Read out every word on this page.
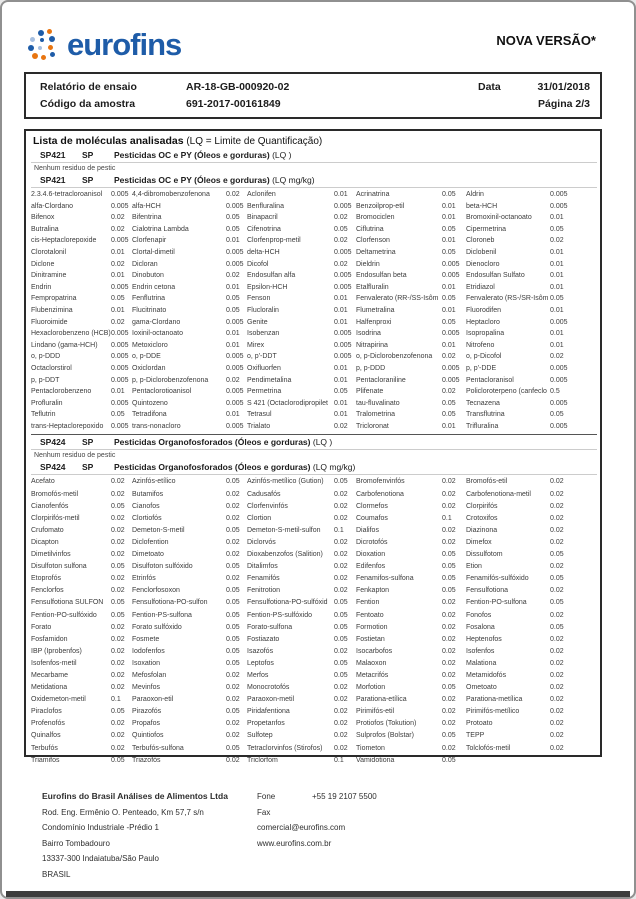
eurofins	NOVA VERSÃO*
Relatório de ensaio	AR-18-GB-000920-02	Data	31/01/2018
Código da amostra	691-2017-00161849	Página 2/3
Lista de moléculas analisadas (LQ = Limite de Quantificação)
SP421 SP Pesticidas OC e PY (Óleos e gorduras) (LQ )
Nenhum residuo de pestic
SP421 SP Pesticidas OC e PY (Óleos e gorduras) (LQ mg/kg)
2.3.4.6-tetracloroanisol	0.005 4,4-dibromobenzofenona	0.02	Aclonifen	0.01	Acrinatrina	0.05	Aldrin	0.005
alfa-Clordano	0.005 alfa-HCH	0.005 Benfluralina	0.005 Benzoilprop-etil	0.01	beta-HCH	0.005
Bifenox	0.02	Bifentrina	0.05	Binapacril	0.02	Bromociclen	0.01	Bromoxinil-octanoato	0.01
Butralina	0.02	Cialotrina Lambda	0.05	Cifenotrina	0.05	Ciflutrina	0.05	Cipermetrina	0.05
cis-Heptaclorepoxide	0.005 Clorfenapir	0.01	Clorfenprop-metil	0.02	Clorfenson	0.01	Cloroneb	0.02
Clorotalonil	0.01	Clortal-dimetil	0.005 delta-HCH	0.005 Deltametrina	0.05	Diclobenil	0.01
Diclone	0.02	Dicloran	0.005 Dicofol	0.02	Dieldrin	0.005 Dienocloro	0.01
Dinitramine	0.01	Dinobuton	0.02	Endosulfan alfa	0.005 Endosulfan beta	0.005 Endosulfan Sulfato	0.01
Endrin	0.005 Endrin cetona	0.01	Epsilon-HCH	0.005 Etalfluralin	0.01	Etridiazol	0.01
Fempropatrina	0.05	Fenflutrina	0.05	Fenson	0.01	Fenvalerato (RR-/SS-Isôm 0.05	Fenvalerato (RS-/SR-Isôm 0.05
Flubenzimina	0.01	Flucitrinato	0.05	Flucloralin	0.01	Flumetralina	0.01	Fluorodifen	0.01
Fluoroimide	0.02	gama-Clordano	0.005 Genite	0.01	Halfenproxi	0.05	Heptacloro	0.005
Hexaclorobenzeno (HCB) 0.005 Ioxinil-octanoato	0.01	Isobenzan	0.005 Isodrina	0.005 Isopropalina	0.01
Lindano (gama-HCH)	0.005 Metoxicloro	0.01	Mirex	0.005 Nitrapirina	0.01	Nitrofeno	0.01
o, p-DDD	0.005 o, p-DDE	0.005 o, p'-DDT	0.005 o, p-Diclorobenzofenona	0.02	o, p-Dicofol	0.02
Octaclorstirol	0.005 Oxiclordan	0.005 Oxifluorfen	0.01	p, p-DDD	0.005 p, p'-DDE	0.005
p, p-DDT	0.005 p, p-Diclorobenzofenona	0.02	Pendimetalina	0.01	Pentacloraniline	0.005 Pentacloranisol	0.005
Pentaclorobenzeno	0.01	Pentaclorotioanisol	0.005 Permetrina	0.05	Plifenate	0.02	Policloroterpeno (canfeclo 0.5
Profluralin	0.005 Quintozeno	0.005 S 421 (Octaclorodipropilet 0.01	tau-fluvalinato	0.05	Tecnazena	0.005
Teflutrin	0.05	Tetradifona	0.01	Tetrasul	0.01	Tralometrina	0.05	Transflutrina	0.05
trans-Heptaclorepoxido	0.005 trans-nonacloro	0.005 Trialato	0.02	Tricloronat	0.01	Trifluralina	0.005
SP424 SP Pesticidas Organofosforados (Óleos e gorduras) (LQ )
Nenhum residuo de pestic
SP424 SP Pesticidas Organofosforados (Óleos e gorduras) (LQ mg/kg)
Acefato	0.02	Azinfós-etílico	0.05	Azinfós-metílico (Gution)	0.05	Bromofenvinfós	0.02	Bromofós-etil	0.02
Bromofós-metil	0.02	Butamifos	0.02	Cadusafós	0.02	Carbofenotiona	0.02	Carbofenotiona-metil	0.02
Cianofenfós	0.05	Cianofos	0.02	Clorfenvinfós	0.02	Clormefos	0.02	Clorpirifós	0.02
Clorpirifós-metil	0.02	Clortiofós	0.02	Clortion	0.02	Coumafos	0.1	Crotoxifos	0.02
Crufomato	0.02	Demeton-S-metil	0.05	Demeton-S-metil-sulfon	0.1	Dialifos	0.02	Diazinona	0.02
Dicapton	0.02	Diclofention	0.02	Diclorvós	0.02	Dicrotofós	0.02	Dimefox	0.02
Dimetilvinfos	0.02	Dimetoato	0.02	Dioxabenzofos (Salition)	0.02	Dioxation	0.05	Dissulfotom	0.05
Disulfoton sulfona	0.05	Disulfoton sulfóxido	0.05	Ditalimfos	0.02	Edifenfos	0.05	Etion	0.02
Etoprofós	0.02	Etrinfós	0.02	Fenamifós	0.02	Fenamifos-sulfona	0.05	Fenamifós-sulfóxido	0.05
Fenclorfos	0.02	Fenclorfosoxon	0.05	Fenitrotion	0.02	Fenkapton	0.05	Fensulfotiona	0.02
Fensulfotiona SULFON	0.05	Fensulfotiona-PO-sulfon	0.05	Fensulfotiona-PO-sulfóxid 0.05	Fention	0.02	Fention-PO-sulfona	0.05
Fention-PO-sulfóxido	0.05	Fention-PS-sulfona	0.05	Fention-PS-sulfóxido	0.05	Fentoato	0.02	Fonofos	0.02
Forato	0.02	Forato sulfóxido	0.05	Forato-sulfona	0.05	Formotion	0.02	Fosalona	0.05
Fosfamidon	0.02	Fosmete	0.05	Fostiazato	0.05	Fostietan	0.02	Heptenofos	0.02
IBP (Iprobenfos)	0.02	Iodofenfos	0.05	Isazofós	0.02	Isocarbofos	0.02	Isofenfos	0.02
Isofenfos-metil	0.02	Isoxation	0.05	Leptofos	0.05	Malaoxon	0.02	Malationa	0.02
Mecarbame	0.02	Mefosfolan	0.02	Merfos	0.05	Metacrifós	0.02	Metamidofós	0.02
Metidationa	0.02	Mevinfos	0.02	Monocrotofós	0.02	Morfotion	0.05	Ometoato	0.02
Oxidemeton-metil	0.1	Paraoxon-etil	0.02	Paraoxon-metil	0.02	Parationa-etílica	0.02	Parationa-metílica	0.02
Piraclofos	0.05	Pirazofós	0.05	Piridafentiona	0.02	Pirimifós-etil	0.02	Pirimifós-metílico	0.02
Profenofós	0.02	Propafos	0.02	Propetanfos	0.02	Protiofos (Tokution)	0.02	Protoato	0.02
Quinalfos	0.02	Quintiofos	0.02	Sulfotep	0.02	Sulprofos (Bolstar)	0.05	TEPP	0.02
Terbufós	0.02	Terbufós-sulfona	0.05	Tetraclorvinfos (Stirofos)	0.02	Tiometon	0.02	Tolclofós-metil	0.02
Triamifos	0.05	Triazofós	0.02	Triclorfom	0.1	Vamidotiona	0.05
Eurofins do Brasil Análises de Alimentos Ltda
Rod. Eng. Ermênio O. Penteado, Km 57,7 s/n
Condomínio Industriale -Prédio 1
Bairro Tombadouro
13337-300 Indaiatuba/São Paulo
BRASIL
Fone	+55 19 2107 5500
Fax
comercial@eurofins.com
www.eurofins.com.br
